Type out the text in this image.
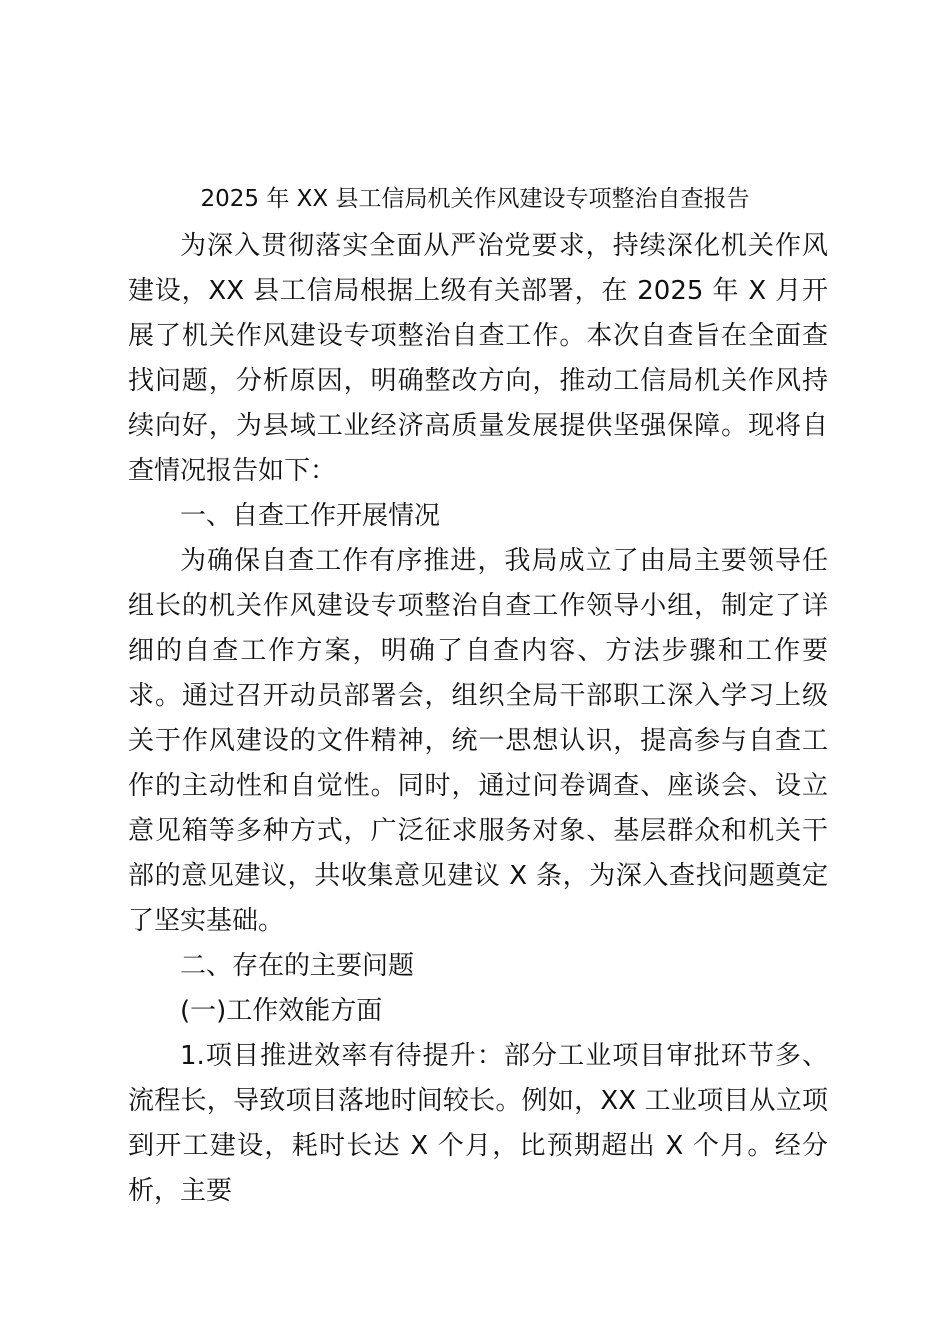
2025 年 XX 县工信局机关作风建设专项整治自查报告

为深入贯彻落实全面从严治党要求，持续深化机关作风建设，XX 县工信局根据上级有关部署，在 2025 年 X 月开展了机关作风建设专项整治自查工作。本次自查旨在全面查找问题，分析原因，明确整改方向，推动工信局机关作风持续向好，为县域工业经济高质量发展提供坚强保障。现将自查情况报告如下：

一、自查工作开展情况

为确保自查工作有序推进，我局成立了由局主要领导任组长的机关作风建设专项整治自查工作领导小组，制定了详细的自查工作方案，明确了自查内容、方法步骤和工作要求。通过召开动员部署会，组织全局干部职工深入学习上级关于作风建设的文件精神，统一思想认识，提高参与自查工作的主动性和自觉性。同时，通过问卷调查、座谈会、设立意见箱等多种方式，广泛征求服务对象、基层群众和机关干部的意见建议，共收集意见建议 X 条，为深入查找问题奠定了坚实基础。

二、存在的主要问题
(一)工作效能方面

1.项目推进效率有待提升：部分工业项目审批环节多、流程长，导致项目落地时间较长。例如，XX 工业项目从立项到开工建设，耗时长达 X 个月，比预期超出 X 个月。经分析，主要
